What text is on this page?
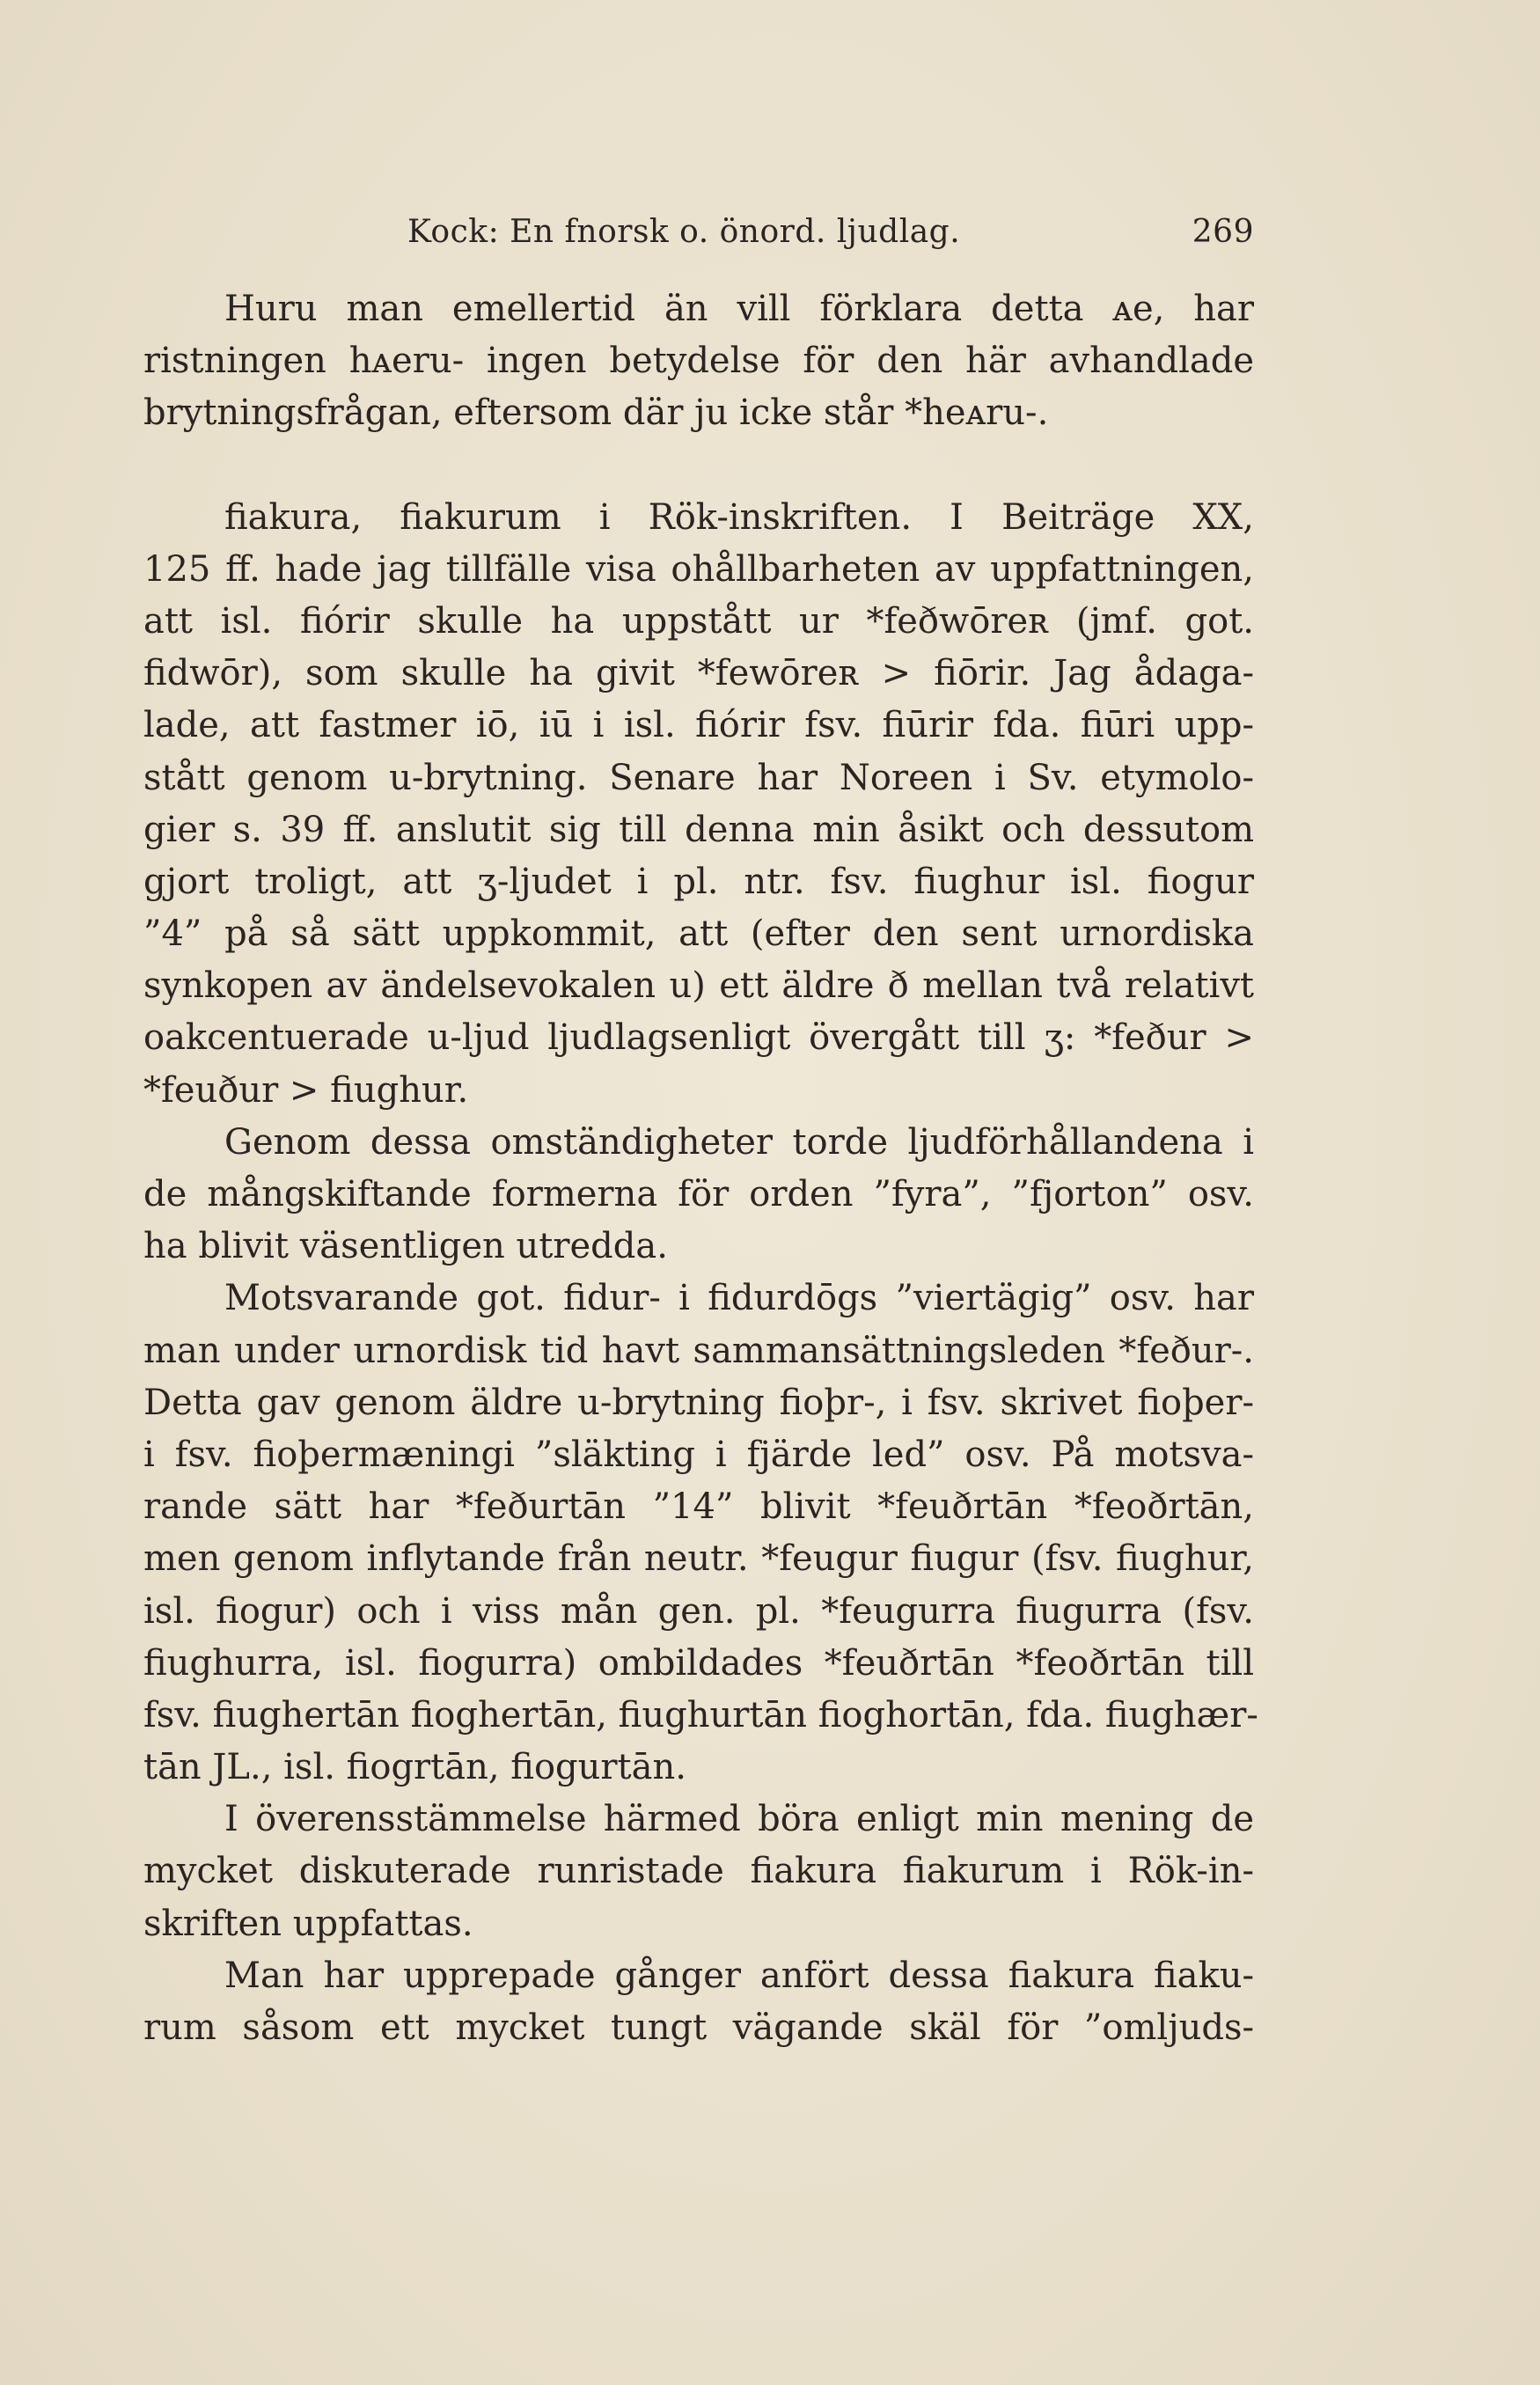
Kock: En fnorsk o. önord. ljudlag.	269
Huru man emellertid än vill förklara detta ᴀe, har
ristningen hᴀeru- ingen betydelse för den här avhandlade
brytningsfrågan, eftersom där ju icke står *heᴀru-.
fiakura, fiakurum i Rök-inskriften. I Beiträge XX,
125 ff. hade jag tillfälle visa ohållbarheten av uppfattningen,
att isl. fiórir skulle ha uppstått ur *feðwōreʀ (jmf. got.
fidwōr), som skulle ha givit *fewōreʀ > fiōrir. Jag ådaga-
lade, att fastmer iō, iū i isl. fiórir fsv. fiūrir fda. fiūri upp-
stått genom u-brytning. Senare har Noreen i Sv. etymolo-
gier s. 39 ff. anslutit sig till denna min åsikt och dessutom
gjort troligt, att ʒ-ljudet i pl. ntr. fsv. fiughur isl. fiogur
”4” på så sätt uppkommit, att (efter den sent urnordiska
synkopen av ändelsevokalen u) ett äldre ð mellan två relativt
oakcentuerade u-ljud ljudlagsenligt övergått till ʒ: *feður >
*feuður > fiughur.
Genom dessa omständigheter torde ljudförhållandena i
de mångskiftande formerna för orden ”fyra”, ”fjorton” osv.
ha blivit väsentligen utredda.
Motsvarande got. fidur- i fidurdōgs ”viertägig” osv. har
man under urnordisk tid havt sammansättningsleden *feður-.
Detta gav genom äldre u-brytning fioþr-, i fsv. skrivet fioþer-
i fsv. fioþermæningi ”släkting i fjärde led” osv. På motsva-
rande sätt har *feðurtān ”14” blivit *feuðrtān *feoðrtān,
men genom inflytande från neutr. *feugur fiugur (fsv. fiughur,
isl. fiogur) och i viss mån gen. pl. *feugurra fiugurra (fsv.
fiughurra, isl. fiogurra) ombildades *feuðrtān *feoðrtān till
fsv. fiughertān fioghertān, fiughurtān fioghortān, fda. fiughær-
tān JL., isl. fiogrtān, fiogurtān.
I överensstämmelse härmed böra enligt min mening de
mycket diskuterade runristade fiakura fiakurum i Rök-in-
skriften uppfattas.
Man har upprepade gånger anfört dessa fiakura fiaku-
rum såsom ett mycket tungt vägande skäl för ”omljuds-
